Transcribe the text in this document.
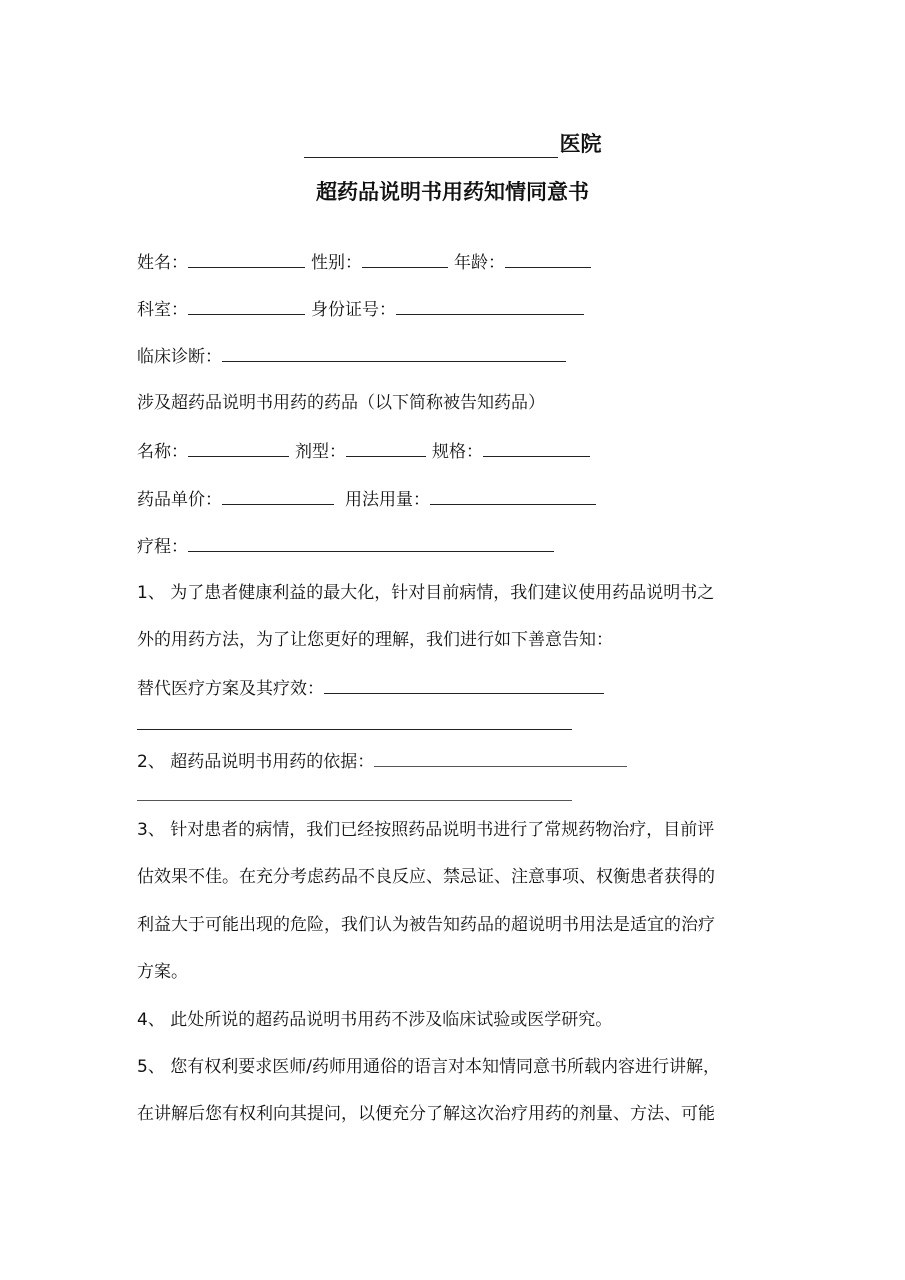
医院
超药品说明书用药知情同意书
姓名：	性别：	年龄：
科室：	身份证号：
临床诊断：
涉及超药品说明书用药的药品（以下简称被告知药品）
名称：	剂型：	规格：
药品单价：	用法用量：
疗程：
1、 为了患者健康利益的最大化，针对目前病情，我们建议使用药品说明书之
外的用药方法，为了让您更好的理解，我们进行如下善意告知：
替代医疗方案及其疗效：
2、 超药品说明书用药的依据：
3、 针对患者的病情，我们已经按照药品说明书进行了常规药物治疗，目前评
估效果不佳。在充分考虑药品不良反应、禁忌证、注意事项、权衡患者获得的
利益大于可能出现的危险，我们认为被告知药品的超说明书用法是适宜的治疗
方案。
4、 此处所说的超药品说明书用药不涉及临床试验或医学研究。
5、 您有权利要求医师/药师用通俗的语言对本知情同意书所载内容进行讲解，
在讲解后您有权利向其提问，以便充分了解这次治疗用药的剂量、方法、可能
